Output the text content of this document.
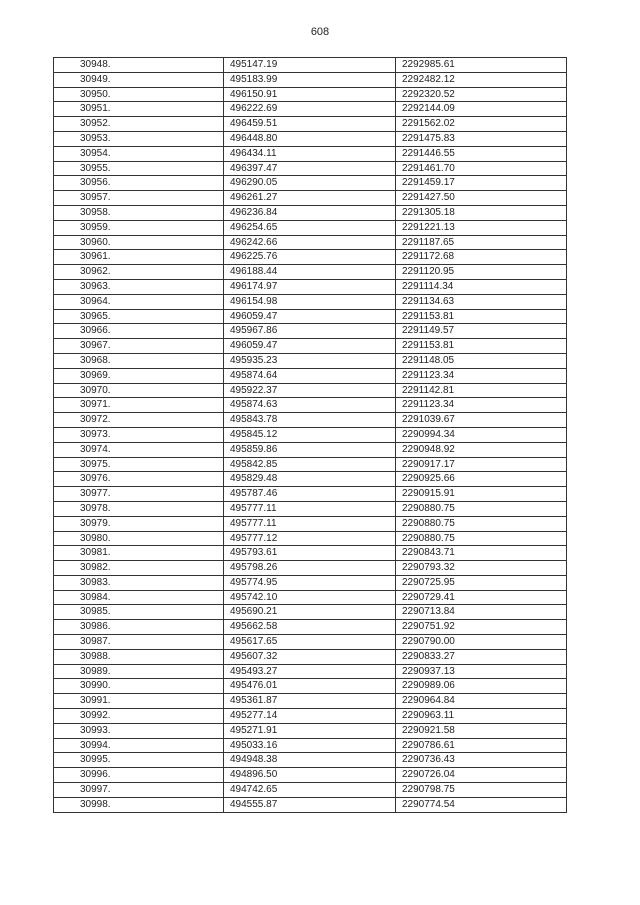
608
30948.	495147.19	2292985.61
30949.	495183.99	2292482.12
30950.	496150.91	2292320.52
30951.	496222.69	2292144.09
30952.	496459.51	2291562.02
30953.	496448.80	2291475.83
30954.	496434.11	2291446.55
30955.	496397.47	2291461.70
30956.	496290.05	2291459.17
30957.	496261.27	2291427.50
30958.	496236.84	2291305.18
30959.	496254.65	2291221.13
30960.	496242.66	2291187.65
30961.	496225.76	2291172.68
30962.	496188.44	2291120.95
30963.	496174.97	2291114.34
30964.	496154.98	2291134.63
30965.	496059.47	2291153.81
30966.	495967.86	2291149.57
30967.	496059.47	2291153.81
30968.	495935.23	2291148.05
30969.	495874.64	2291123.34
30970.	495922.37	2291142.81
30971.	495874.63	2291123.34
30972.	495843.78	2291039.67
30973.	495845.12	2290994.34
30974.	495859.86	2290948.92
30975.	495842.85	2290917.17
30976.	495829.48	2290925.66
30977.	495787.46	2290915.91
30978.	495777.11	2290880.75
30979.	495777.11	2290880.75
30980.	495777.12	2290880.75
30981.	495793.61	2290843.71
30982.	495798.26	2290793.32
30983.	495774.95	2290725.95
30984.	495742.10	2290729.41
30985.	495690.21	2290713.84
30986.	495662.58	2290751.92
30987.	495617.65	2290790.00
30988.	495607.32	2290833.27
30989.	495493.27	2290937.13
30990.	495476.01	2290989.06
30991.	495361.87	2290964.84
30992.	495277.14	2290963.11
30993.	495271.91	2290921.58
30994.	495033.16	2290786.61
30995.	494948.38	2290736.43
30996.	494896.50	2290726.04
30997.	494742.65	2290798.75
30998.	494555.87	2290774.54
